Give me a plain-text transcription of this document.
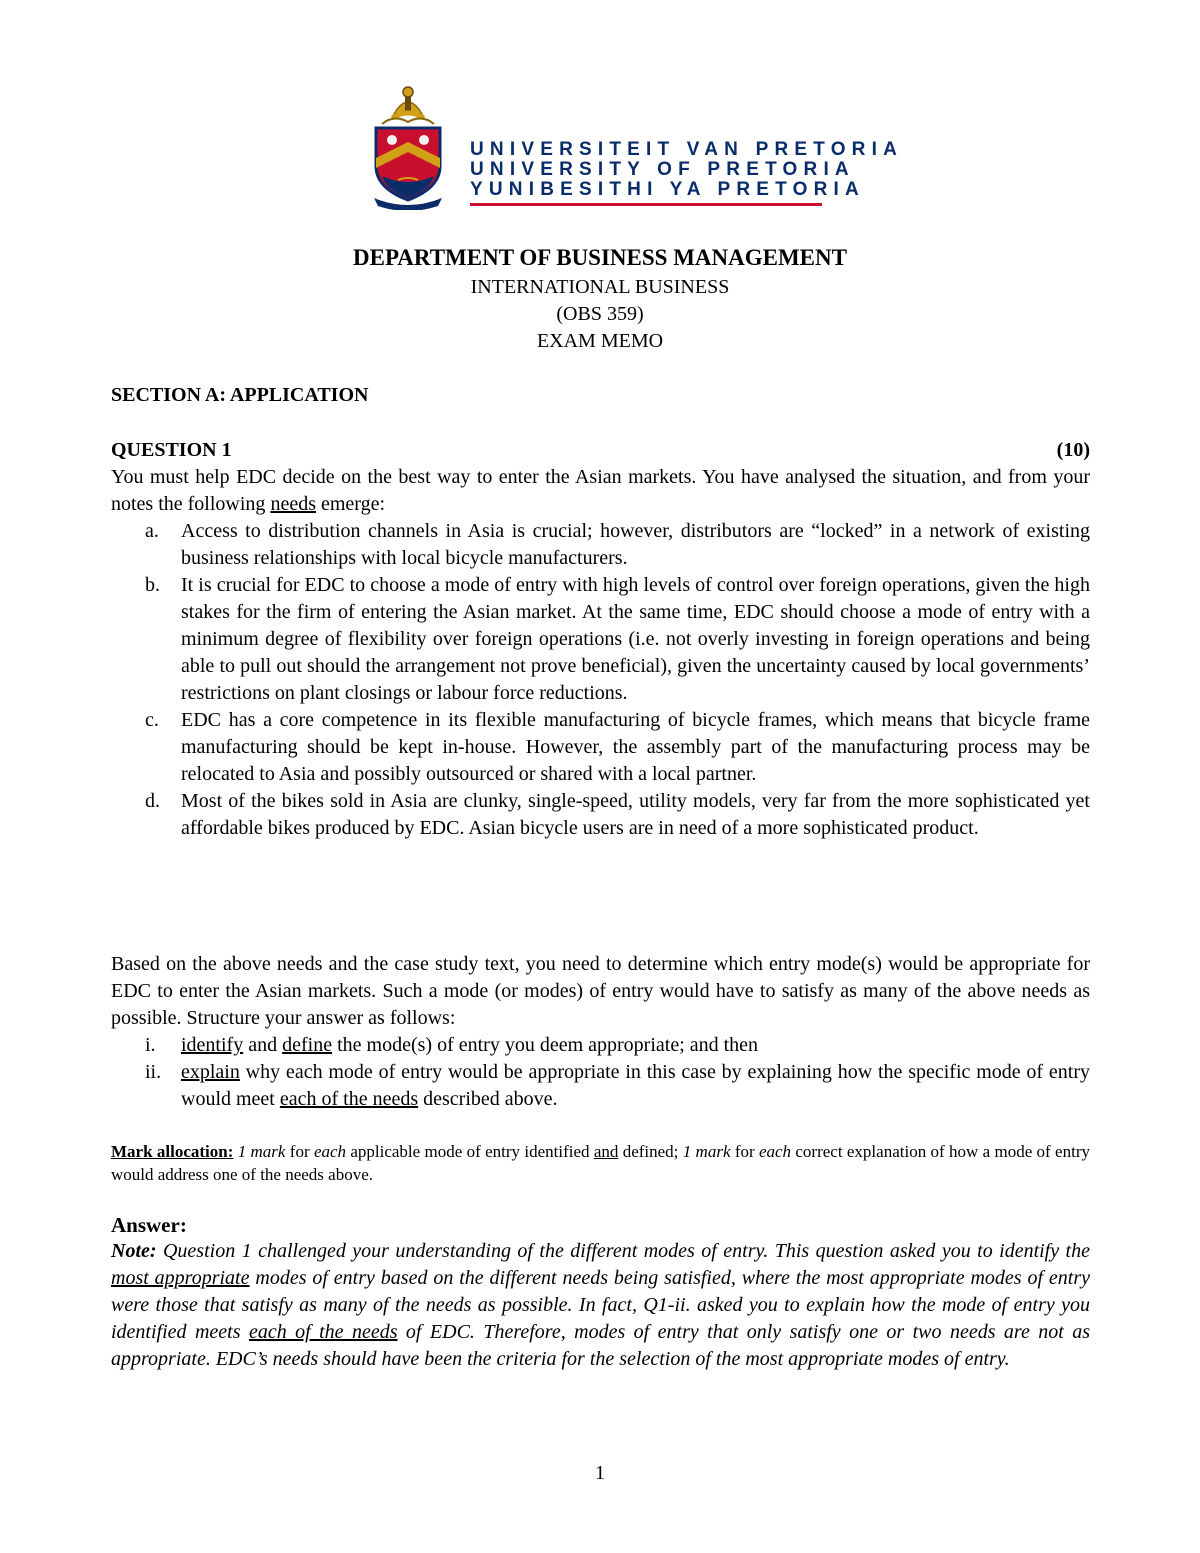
UNIVERSITEIT VAN PRETORIA
UNIVERSITY OF PRETORIA
YUNIBESITHI YA PRETORIA
DEPARTMENT OF BUSINESS MANAGEMENT
INTERNATIONAL BUSINESS
(OBS 359)
EXAM MEMO
SECTION A: APPLICATION
QUESTION 1	(10)
You must help EDC decide on the best way to enter the Asian markets. You have analysed the situation, and from your notes the following needs emerge:
a.	Access to distribution channels in Asia is crucial; however, distributors are “locked” in a network of existing business relationships with local bicycle manufacturers.
b.	It is crucial for EDC to choose a mode of entry with high levels of control over foreign operations, given the high stakes for the firm of entering the Asian market. At the same time, EDC should choose a mode of entry with a minimum degree of flexibility over foreign operations (i.e. not overly investing in foreign operations and being able to pull out should the arrangement not prove beneficial), given the uncertainty caused by local governments’ restrictions on plant closings or labour force reductions.
c.	EDC has a core competence in its flexible manufacturing of bicycle frames, which means that bicycle frame manufacturing should be kept in-house. However, the assembly part of the manufacturing process may be relocated to Asia and possibly outsourced or shared with a local partner.
d.	Most of the bikes sold in Asia are clunky, single-speed, utility models, very far from the more sophisticated yet affordable bikes produced by EDC. Asian bicycle users are in need of a more sophisticated product.
Based on the above needs and the case study text, you need to determine which entry mode(s) would be appropriate for EDC to enter the Asian markets. Such a mode (or modes) of entry would have to satisfy as many of the above needs as possible. Structure your answer as follows:
i.	identify and define the mode(s) of entry you deem appropriate; and then
ii. explain why each mode of entry would be appropriate in this case by explaining how the specific mode of entry would meet each of the needs described above.
Mark allocation: 1 mark for each applicable mode of entry identified and defined; 1 mark for each correct explanation of how a mode of entry would address one of the needs above.
Answer:
Note: Question 1 challenged your understanding of the different modes of entry. This question asked you to identify the most appropriate modes of entry based on the different needs being satisfied, where the most appropriate modes of entry were those that satisfy as many of the needs as possible. In fact, Q1-ii. asked you to explain how the mode of entry you identified meets each of the needs of EDC. Therefore, modes of entry that only satisfy one or two needs are not as appropriate. EDC’s needs should have been the criteria for the selection of the most appropriate modes of entry.
1
